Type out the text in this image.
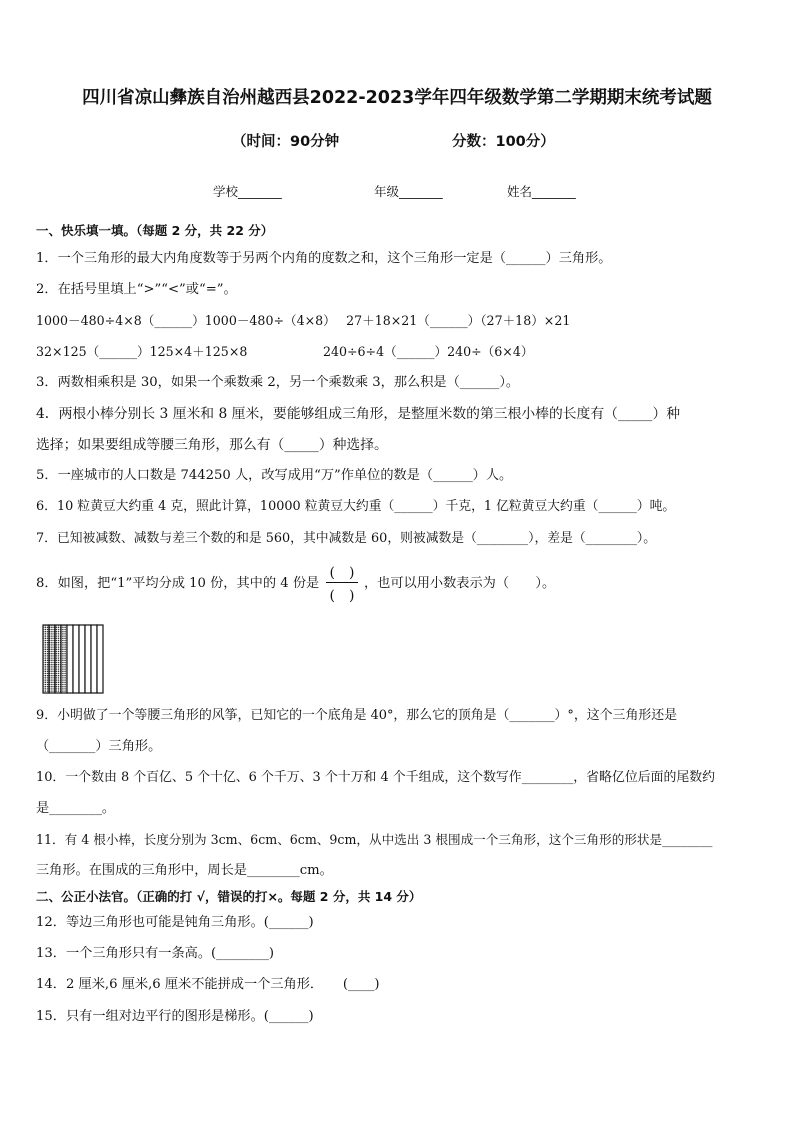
四川省凉山彝族自治州越西县2022-2023学年四年级数学第二学期期末统考试题
（时间：90分钟	分数：100分）
学校_______	年级_______	姓名_______
一、快乐填一填。（每题 2 分，共 22 分）
1．一个三角形的最大内角度数等于另两个内角的度数之和，这个三角形一定是（______）三角形。
2．在括号里填上“>”“<”或“=”。
1000－480÷4×8（______）1000－480÷（4×8）　 27＋18×21（______）（27＋18）×21
32×125（______）125×4＋125×8　　　　　　240÷6÷4（______）240÷（6×4）
3．两数相乘积是 30，如果一个乘数乘 2，另一个乘数乘 3，那么积是（______）。
4．两根小棒分别长 3 厘米和 8 厘米，要能够组成三角形，是整厘米数的第三根小棒的长度有（_____）种
选择；如果要组成等腰三角形，那么有（_____）种选择。
5．一座城市的人口数是 744250 人，改写成用“万”作单位的数是（______）人。
6．10 粒黄豆大约重 4 克，照此计算，10000 粒黄豆大约重（______）千克，1 亿粒黄豆大约重（______）吨。
7．已知被减数、减数与差三个数的和是 560，其中减数是 60，则被减数是（________），差是（________）。
8．如图，把“1”平均分成 10 份，其中的 4 份是
(　)
(　)
，也可以用小数表示为（　　）。
9．小明做了一个等腰三角形的风筝，已知它的一个底角是 40°，那么它的顶角是（_______）°，这个三角形还是
（_______）三角形。
10．一个数由 8 个百亿、5 个十亿、6 个千万、3 个十万和 4 个千组成，这个数写作________，省略亿位后面的尾数约
是________。
11．有 4 根小棒，长度分别为 3cm、6cm、6cm、9cm，从中选出 3 根围成一个三角形，这个三角形的形状是________
三角形。在围成的三角形中，周长是________cm。
二、公正小法官。（正确的打 √，错误的打×。每题 2 分，共 14 分）
12．等边三角形也可能是钝角三角形。(______)
13．一个三角形只有一条高。(________)
14．2 厘米,6 厘米,6 厘米不能拼成一个三角形．　　(____)
15．只有一组对边平行的图形是梯形。(______)
